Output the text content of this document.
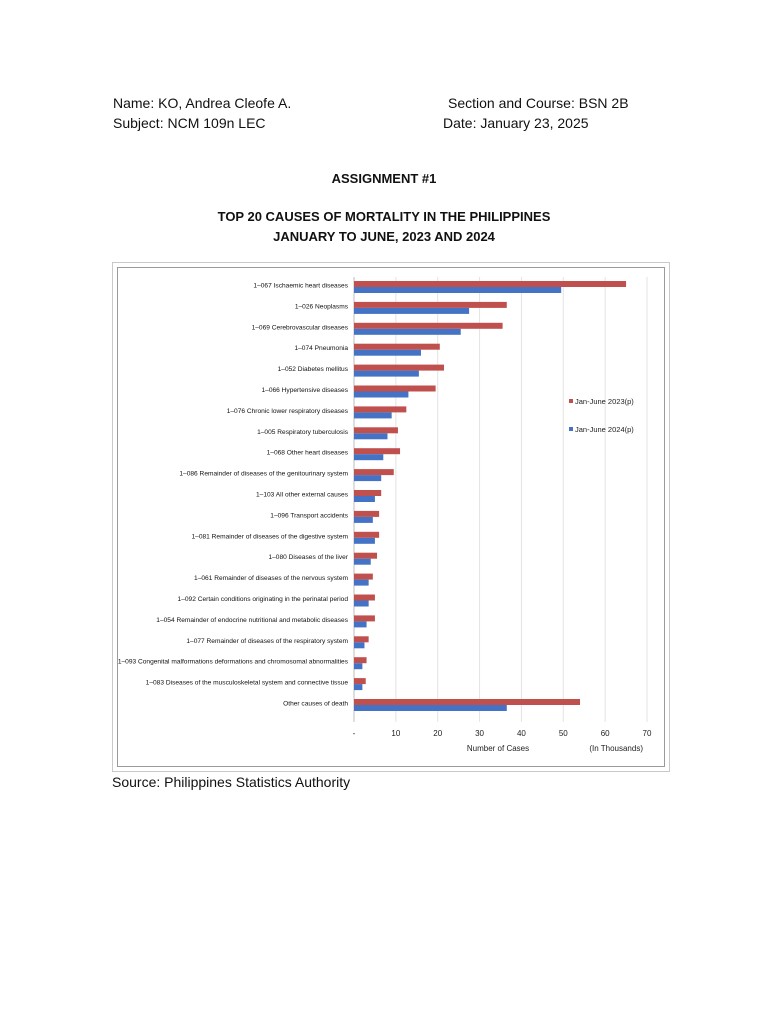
Name: KO, Andrea Cleofe A.	Section and Course: BSN 2B
Subject: NCM 109n LEC	Date: January 23, 2025
ASSIGNMENT #1
TOP 20 CAUSES OF MORTALITY IN THE PHILIPPINES
JANUARY TO JUNE, 2023 AND 2024
1–067 Ischaemic heart diseases
1–026 Neoplasms
1–069 Cerebrovascular diseases
1–074 Pneumonia
1–052 Diabetes mellitus
1–066 Hypertensive diseases
1–076 Chronic lower respiratory diseases
1–005 Respiratory tuberculosis
1–068 Other heart diseases
1–086 Remainder of diseases of the genitourinary system
1–103 All other external causes
1–096 Transport accidents
1–081 Remainder of diseases of the digestive system
1–080 Diseases of the liver
1–061 Remainder of diseases of the nervous system
1–092 Certain conditions originating in the perinatal period
1–054 Remainder of endocrine nutritional and metabolic diseases
1–077 Remainder of diseases of the respiratory system
1–093 Congenital malformations deformations and chromosomal abnormalities
1–083 Diseases of the musculoskeletal system and connective tissue
Other causes of death
-	10	20	30	40	50	60	70
Number of Cases	(In Thousands)
Jan-June 2023(p)
Jan-June 2024(p)
Source: Philippines Statistics Authority
